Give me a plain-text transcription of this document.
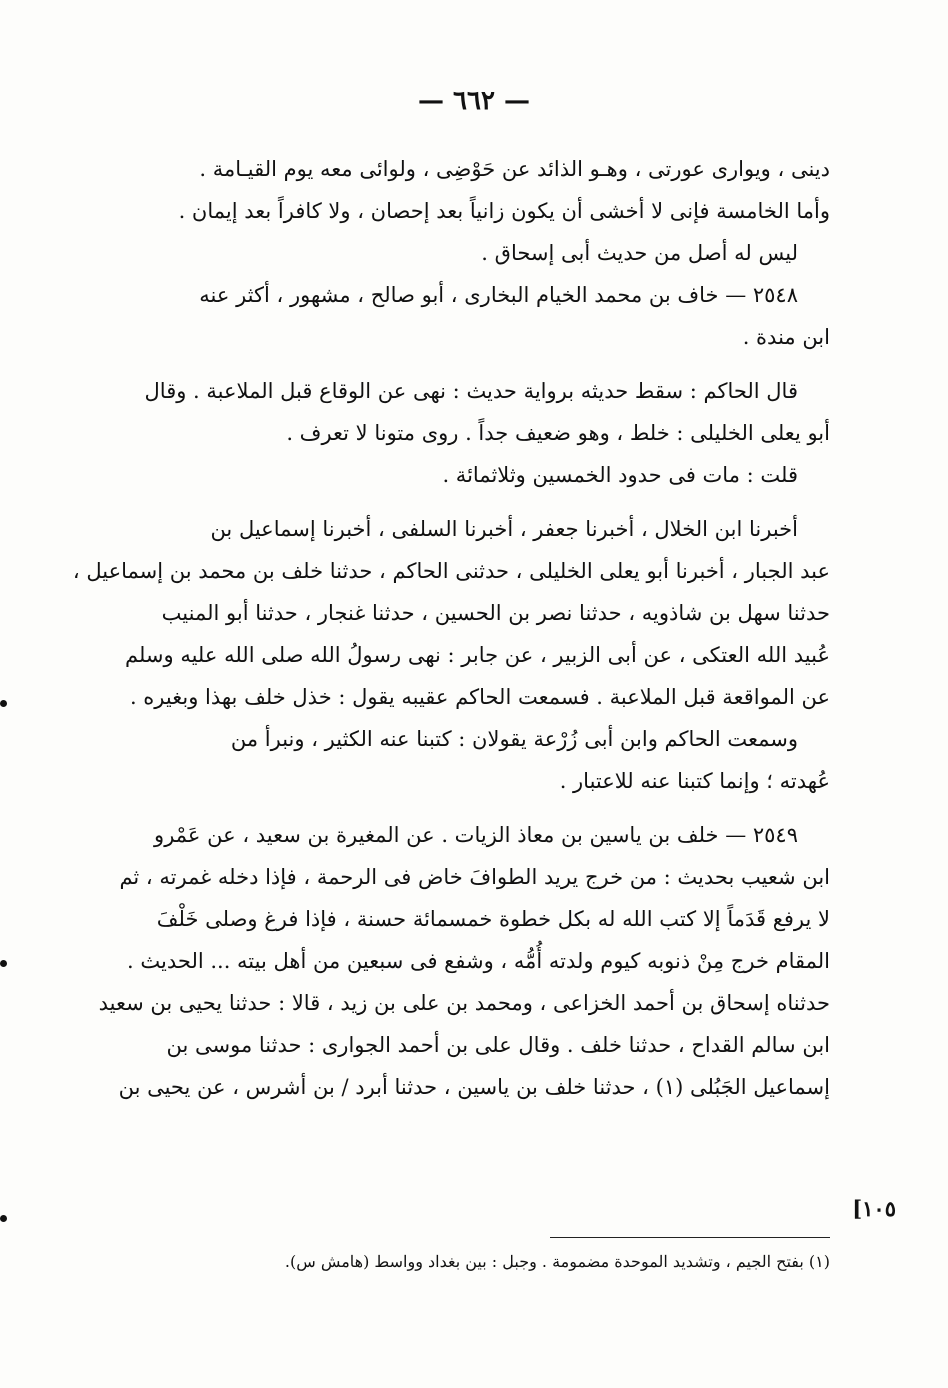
— ٦٦٢ —
دينى ، ويوارى عورتى ، وهـو الذائد عن حَوْضِى ، ولوائى معه يوم القيـامة .
وأما الخامسة فإنى لا أخشى أن يكون زانياً بعد إحصان ، ولا كافراً بعد إيمان .
ليس له أصل من حديث أبى إسحاق .
٢٥٤٨ — خاف بن محمد الخيام البخارى ، أبو صالح ، مشهور ، أكثر عنه
ابن مندة .
قال الحاكم : سقط حديثه برواية حديث : نهى عن الوقاع قبل الملاعبة . وقال
أبو يعلى الخليلى : خلط ، وهو ضعيف جداً . روى متونا لا تعرف .
قلت : مات فى حدود الخمسين وثلاثمائة .
أخبرنا ابن الخلال ، أخبرنا جعفر ، أخبرنا السلفى ، أخبرنا إسماعيل بن
عبد الجبار ، أخبرنا أبو يعلى الخليلى ، حدثنى الحاكم ، حدثنا خلف بن محمد بن إسماعيل ،
حدثنا سهل بن شاذويه ، حدثنا نصر بن الحسين ، حدثنا غنجار ، حدثنا أبو المنيب
عُبيد الله العتكى ، عن أبى الزبير ، عن جابر : نهى رسولُ الله صلى الله عليه وسلم
عن المواقعة قبل الملاعبة . فسمعت الحاكم عقيبه يقول : خذل خلف بهذا وبغيره .
وسمعت الحاكم وابن أبى زُرْعة يقولان : كتبنا عنه الكثير ، ونبرأ من
عُهدته ؛ وإنما كتبنا عنه للاعتبار .
٢٥٤٩ — خلف بن ياسين بن معاذ الزيات . عن المغيرة بن سعيد ، عن عَمْرو
ابن شعيب بحديث : من خرج يريد الطوافَ خاض فى الرحمة ، فإذا دخله غمرته ، ثم
لا يرفع قَدَماً إلا كتب الله له بكل خطوة خمسمائة حسنة ، فإذا فرغ وصلى خَلْفَ
المقام خرج مِنْ ذنوبه كيوم ولدته أُمُّه ، وشفع فى سبعين من أهل بيته ... الحديث .
حدثناه إسحاق بن أحمد الخزاعى ، ومحمد بن على بن زيد ، قالا : حدثنا يحيى بن سعيد
ابن سالم القداح ، حدثنا خلف . وقال على بن أحمد الجوارى : حدثنا موسى بن
إسماعيل الجَبُلى (١) ، حدثنا خلف بن ياسين ، حدثنا أبرد / بن أشرس ، عن يحيى بن
١٠٥]
(١) بفتح الجيم ، وتشديد الموحدة مضمومة . وجبل : بين بغداد وواسط (هامش س).
